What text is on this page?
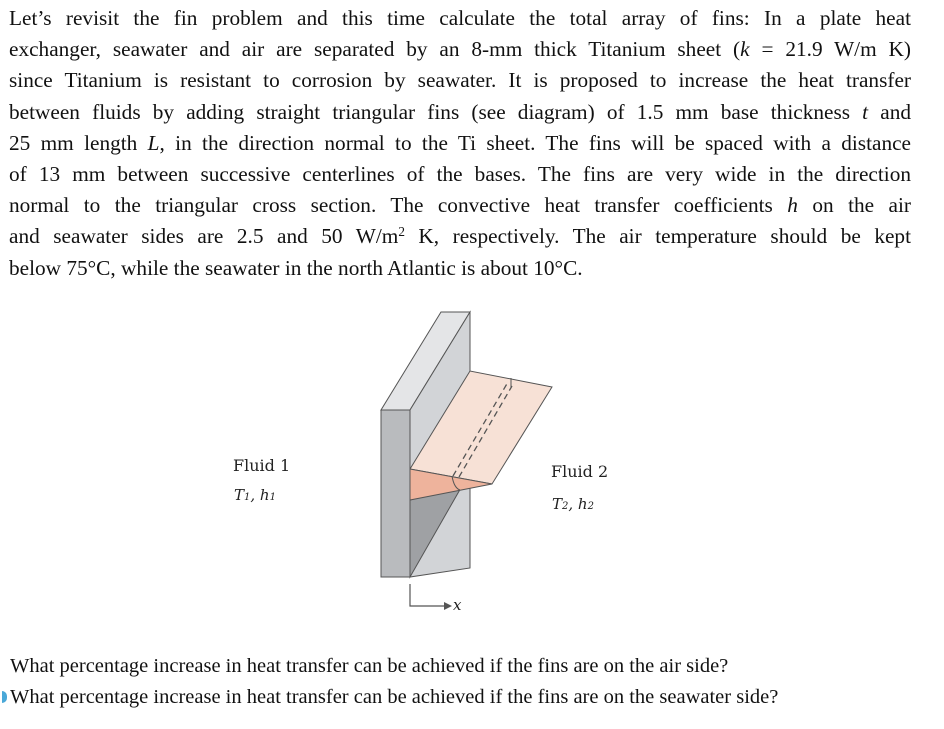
Let’s revisit the fin problem and this time calculate the total array of fins: In a plate heat
exchanger, seawater and air are separated by an 8-mm thick Titanium sheet (k = 21.9 W/m K)
since Titanium is resistant to corrosion by seawater. It is proposed to increase the heat transfer
between fluids by adding straight triangular fins (see diagram) of 1.5 mm base thickness t and
25 mm length L, in the direction normal to the Ti sheet. The fins will be spaced with a distance
of 13 mm between successive centerlines of the bases. The fins are very wide in the direction
normal to the triangular cross section. The convective heat transfer coefficients h on the air
and seawater sides are 2.5 and 50 $W/m^2$ K, respectively. The air temperature should be kept
below 75°C, while the seawater in the north Atlantic is about 10°C.
Fluid 1
T1, h1
Fluid 2
T2, h2
x
What percentage increase in heat transfer can be achieved if the fins are on the air side?
What percentage increase in heat transfer can be achieved if the fins are on the seawater side?
